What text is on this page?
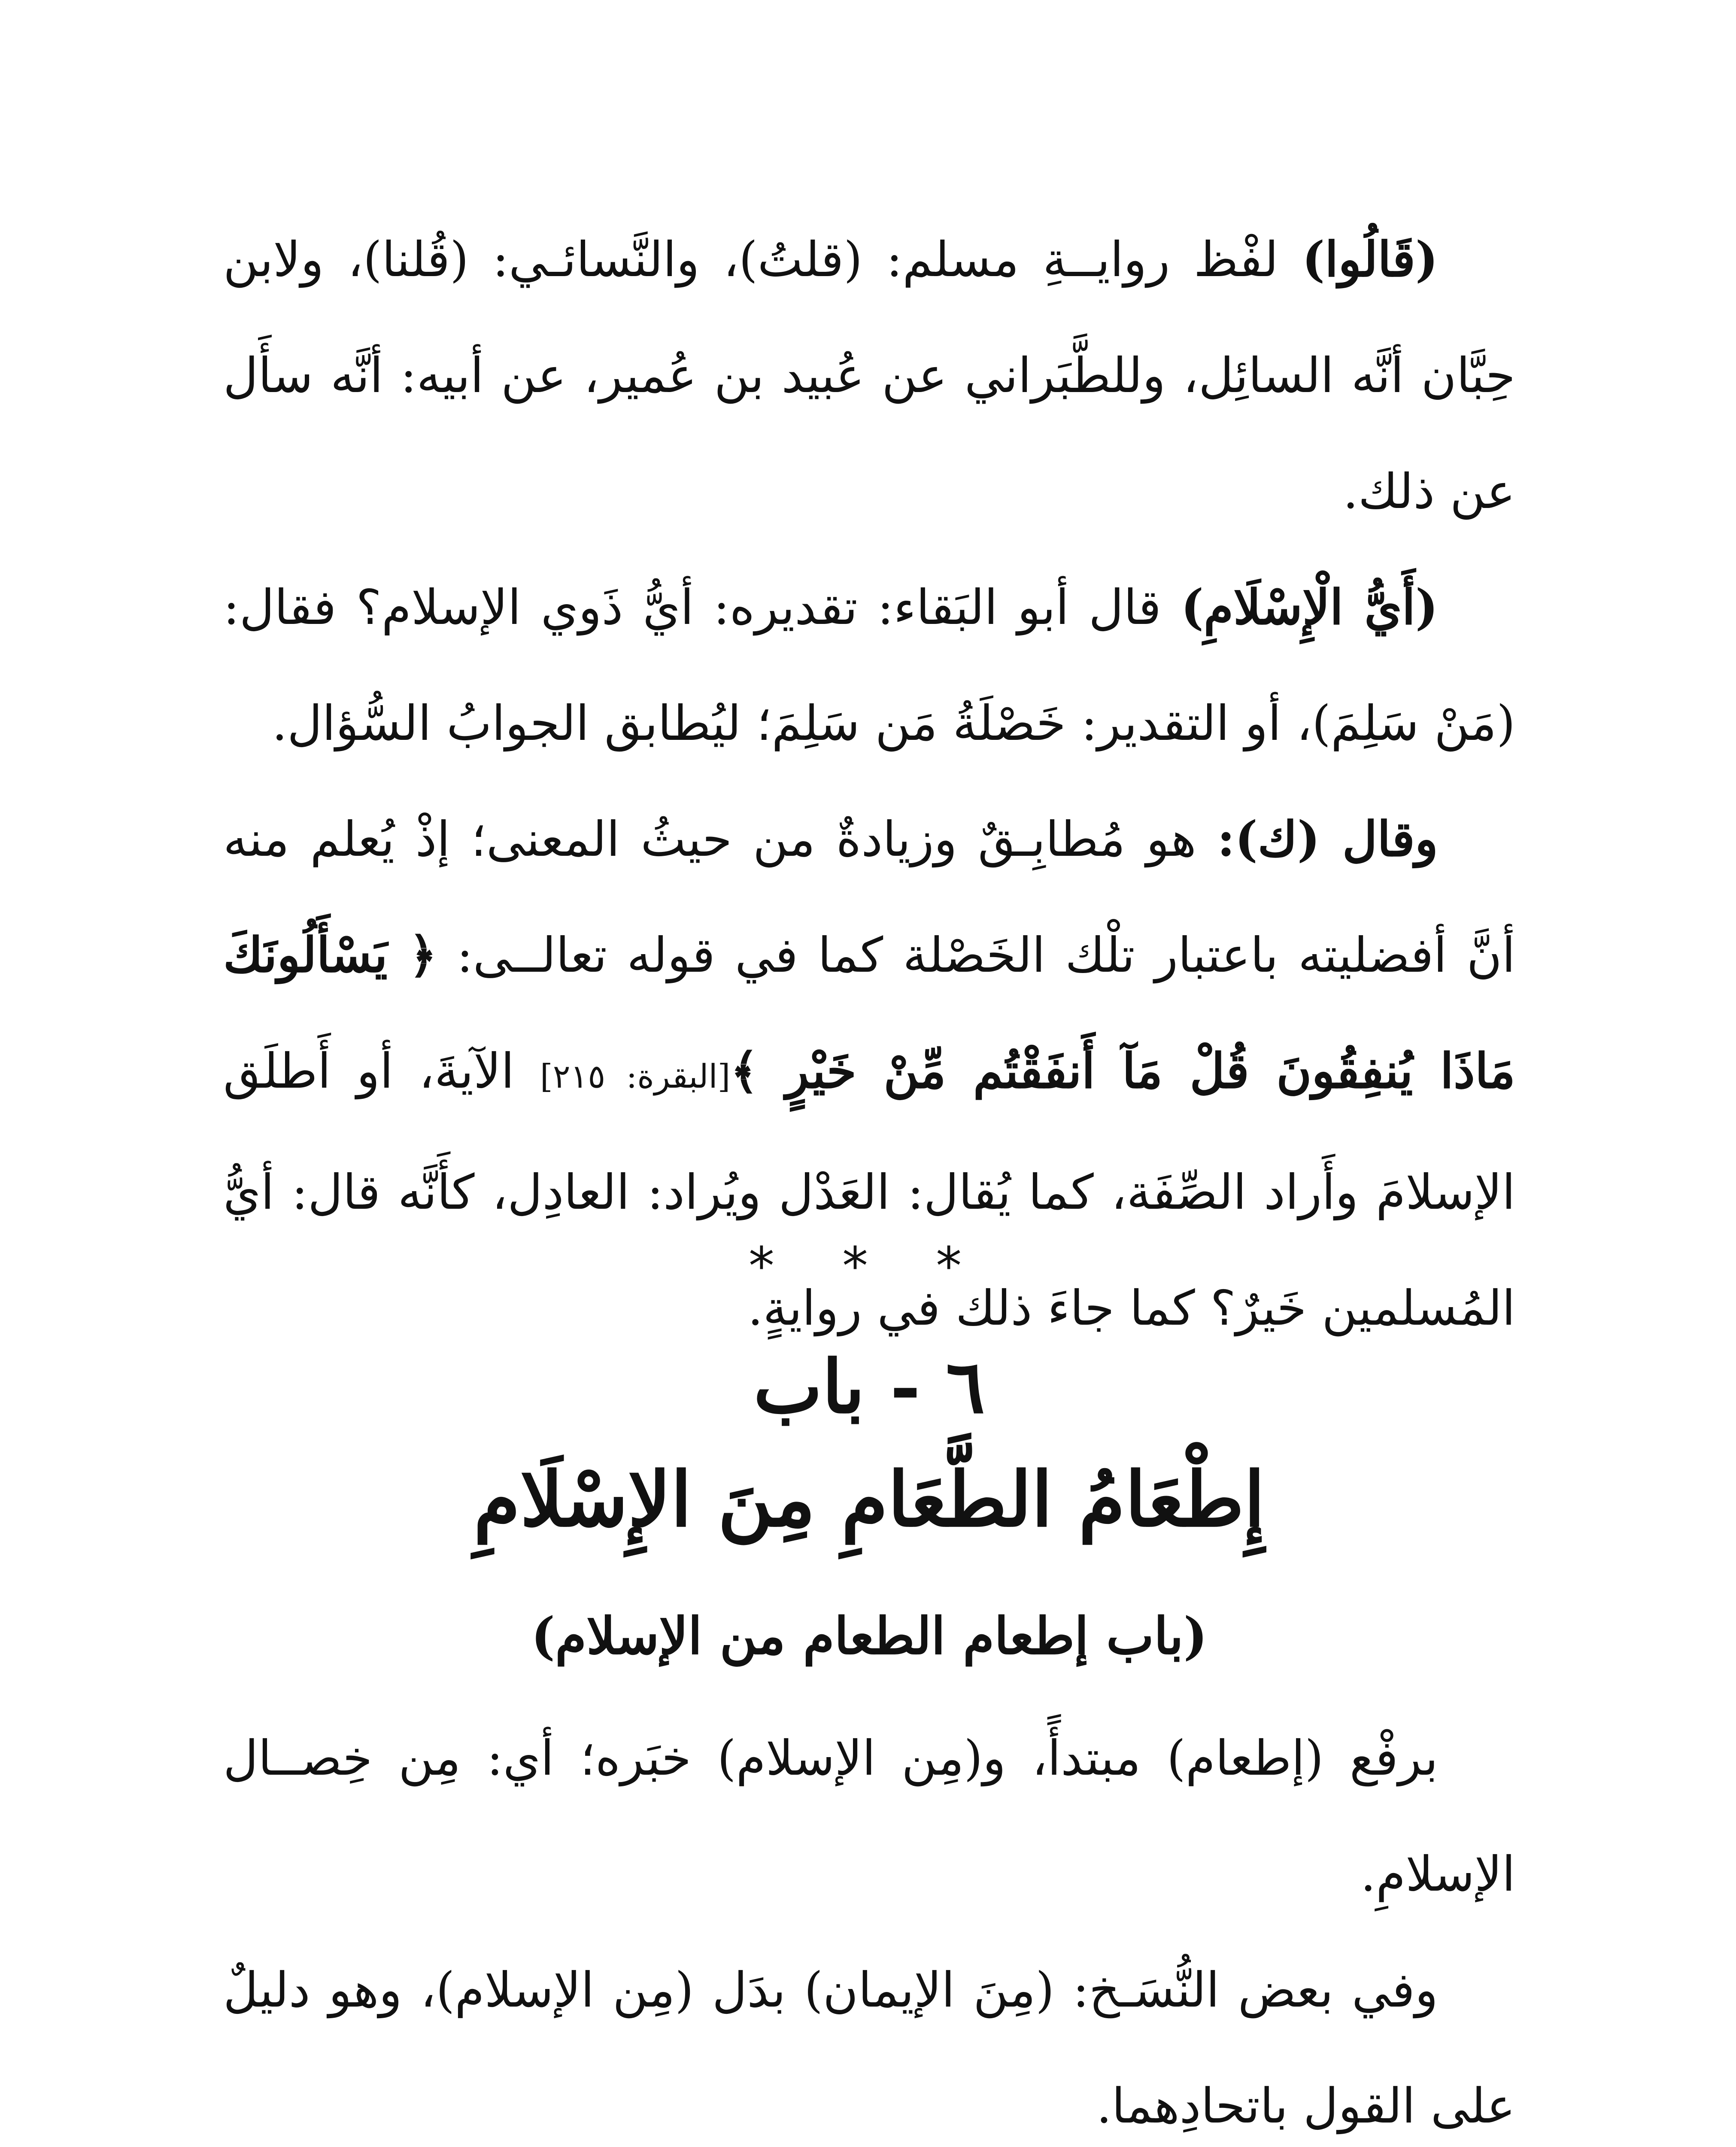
(قَالُوا) لفْظ روايــةِ مسلم: (قلتُ)، والنَّسائـي: (قُلنا)، ولابن حِبَّان أنَّه السائِل، وللطَّبَراني عن عُبيد بن عُمير، عن أبيه: أنَّه سأَل عن ذلك.

(أَيُّ الْإِسْلَامِ) قال أبو البَقاء: تقديره: أيُّ ذَوي الإسلام؟ فقال: (مَنْ سَلِمَ)، أو التقدير: خَصْلَةُ مَن سَلِمَ؛ ليُطابق الجوابُ السُّؤال.

وقال (ك): هو مُطابِـقٌ وزيادةٌ من حيثُ المعنى؛ إذْ يُعلم منه أنَّ أفضليته باعتبار تلْك الخَصْلة كما في قوله تعالــى: ﴿ يَسْأَلُونَكَ مَاذَا يُنفِقُونَ قُلْ مَآ أَنفَقْتُم مِّنْ خَيْرٍ ﴾[البقرة: ٢١٥] الآيةَ، أو أَطلَق الإسلامَ وأَراد الصِّفَة، كما يُقال: العَدْل ويُراد: العادِل، كأَنَّه قال: أيُّ المُسلمين خَيرٌ؟ كما جاءَ ذلك في روايةٍ.

* * *
٦ - باب
إِطْعَامُ الطَّعَامِ مِنَ الإِسْلَامِ
(باب إطعام الطعام من الإسلام)

برفْع (إطعام) مبتدأً، و(مِن الإسلام) خبَره؛ أي: مِن خِصــال الإسلامِ.

وفي بعض النُّسَـخ: (مِنَ الإيمان) بدَل (مِن الإسلام)، وهو دليلٌ على القول باتحادِهما.
